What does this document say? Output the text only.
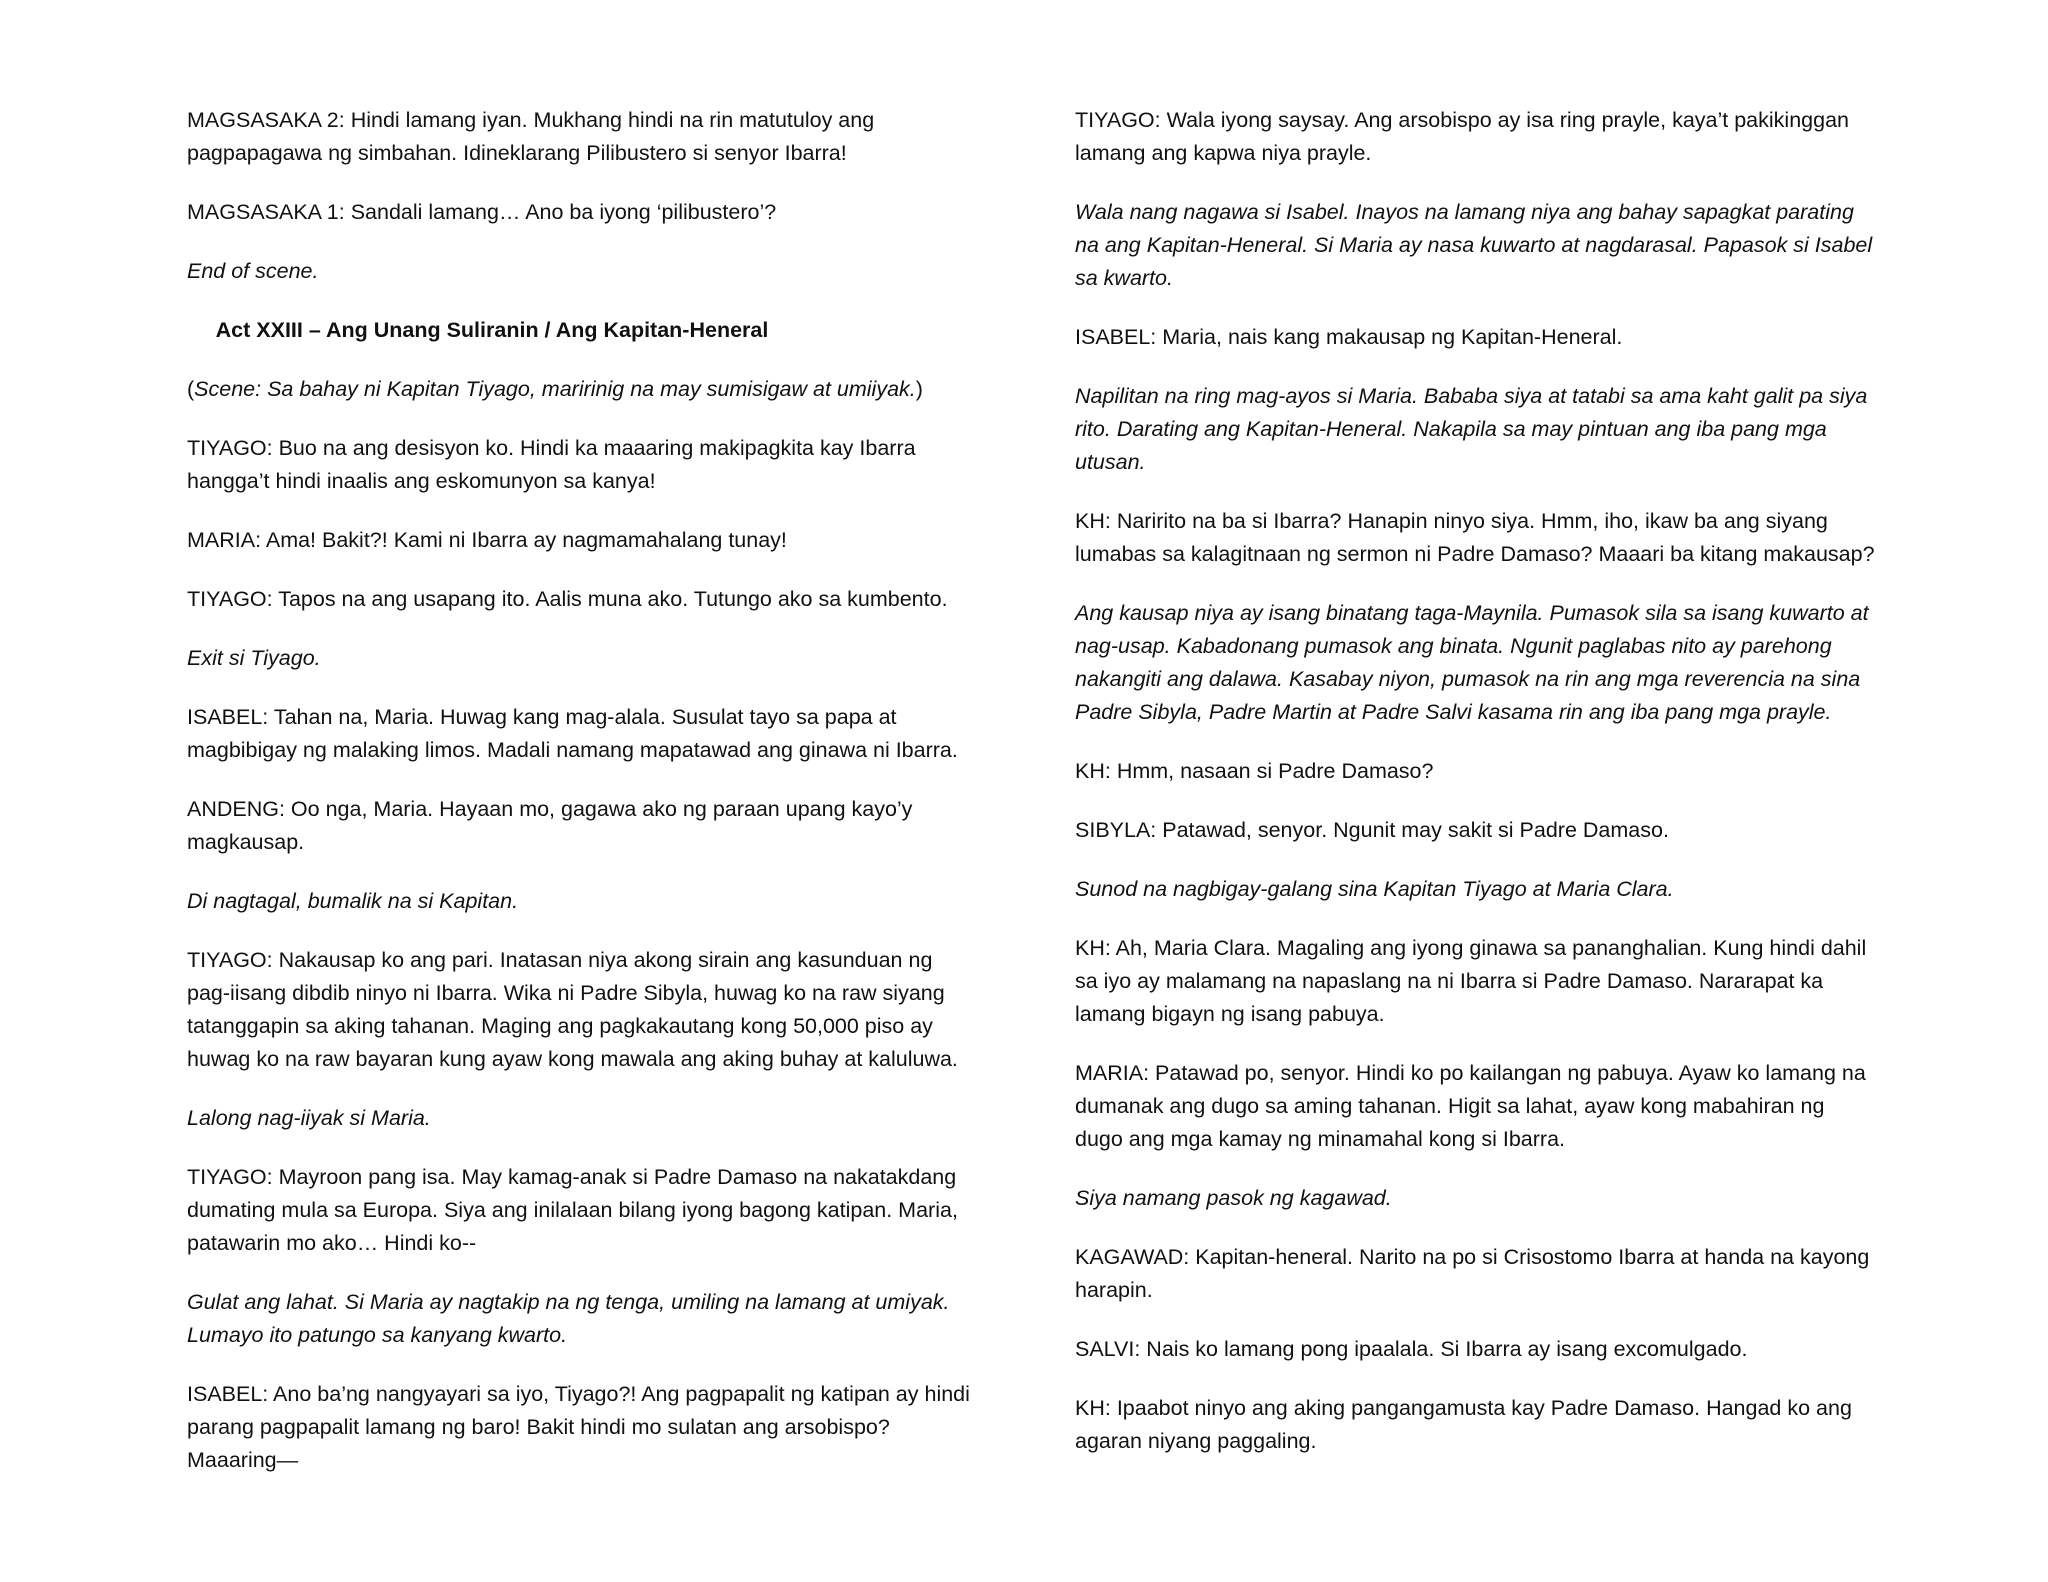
MAGSASAKA 2: Hindi lamang iyan. Mukhang hindi na rin matutuloy ang pagpapagawa ng simbahan. Idineklarang Pilibustero si senyor Ibarra!

MAGSASAKA 1: Sandali lamang… Ano ba iyong ‘pilibustero’?

End of scene.

Act XXIII – Ang Unang Suliranin / Ang Kapitan-Heneral

(Scene: Sa bahay ni Kapitan Tiyago, maririnig na may sumisigaw at umiiyak.)

TIYAGO: Buo na ang desisyon ko. Hindi ka maaaring makipagkita kay Ibarra hangga’t hindi inaalis ang eskomunyon sa kanya!

MARIA: Ama! Bakit?! Kami ni Ibarra ay nagmamahalang tunay!

TIYAGO: Tapos na ang usapang ito. Aalis muna ako. Tutungo ako sa kumbento.

Exit si Tiyago.

ISABEL: Tahan na, Maria. Huwag kang mag-alala. Susulat tayo sa papa at magbibigay ng malaking limos. Madali namang mapatawad ang ginawa ni Ibarra.

ANDENG: Oo nga, Maria. Hayaan mo, gagawa ako ng paraan upang kayo’y magkausap.

Di nagtagal, bumalik na si Kapitan.

TIYAGO: Nakausap ko ang pari. Inatasan niya akong sirain ang kasunduan ng pag-iisang dibdib ninyo ni Ibarra. Wika ni Padre Sibyla, huwag ko na raw siyang tatanggapin sa aking tahanan. Maging ang pagkakautang kong 50,000 piso ay huwag ko na raw bayaran kung ayaw kong mawala ang aking buhay at kaluluwa.

Lalong nag-iiyak si Maria.

TIYAGO: Mayroon pang isa. May kamag-anak si Padre Damaso na nakatakdang dumating mula sa Europa. Siya ang inilalaan bilang iyong bagong katipan. Maria, patawarin mo ako… Hindi ko--

Gulat ang lahat. Si Maria ay nagtakip na ng tenga, umiling na lamang at umiyak. Lumayo ito patungo sa kanyang kwarto.

ISABEL: Ano ba’ng nangyayari sa iyo, Tiyago?! Ang pagpapalit ng katipan ay hindi parang pagpapalit lamang ng baro! Bakit hindi mo sulatan ang arsobispo? Maaaring—

TIYAGO: Wala iyong saysay. Ang arsobispo ay isa ring prayle, kaya’t pakikinggan lamang ang kapwa niya prayle.

Wala nang nagawa si Isabel. Inayos na lamang niya ang bahay sapagkat parating na ang Kapitan-Heneral. Si Maria ay nasa kuwarto at nagdarasal. Papasok si Isabel sa kwarto.

ISABEL: Maria, nais kang makausap ng Kapitan-Heneral.

Napilitan na ring mag-ayos si Maria. Bababa siya at tatabi sa ama kaht galit pa siya rito. Darating ang Kapitan-Heneral. Nakapila sa may pintuan ang iba pang mga utusan.

KH: Naririto na ba si Ibarra? Hanapin ninyo siya. Hmm, iho, ikaw ba ang siyang lumabas sa kalagitnaan ng sermon ni Padre Damaso? Maaari ba kitang makausap?

Ang kausap niya ay isang binatang taga-Maynila. Pumasok sila sa isang kuwarto at nag-usap. Kabadonang pumasok ang binata. Ngunit paglabas nito ay parehong nakangiti ang dalawa. Kasabay niyon, pumasok na rin ang mga reverencia na sina Padre Sibyla, Padre Martin at Padre Salvi kasama rin ang iba pang mga prayle.

KH: Hmm, nasaan si Padre Damaso?

SIBYLA: Patawad, senyor. Ngunit may sakit si Padre Damaso.

Sunod na nagbigay-galang sina Kapitan Tiyago at Maria Clara.

KH: Ah, Maria Clara. Magaling ang iyong ginawa sa pananghalian. Kung hindi dahil sa iyo ay malamang na napaslang na ni Ibarra si Padre Damaso. Nararapat ka lamang bigayn ng isang pabuya.

MARIA: Patawad po, senyor. Hindi ko po kailangan ng pabuya. Ayaw ko lamang na dumanak ang dugo sa aming tahanan. Higit sa lahat, ayaw kong mabahiran ng dugo ang mga kamay ng minamahal kong si Ibarra.

Siya namang pasok ng kagawad.

KAGAWAD: Kapitan-heneral. Narito na po si Crisostomo Ibarra at handa na kayong harapin.

SALVI: Nais ko lamang pong ipaalala. Si Ibarra ay isang excomulgado.

KH: Ipaabot ninyo ang aking pangangamusta kay Padre Damaso. Hangad ko ang agaran niyang paggaling.
